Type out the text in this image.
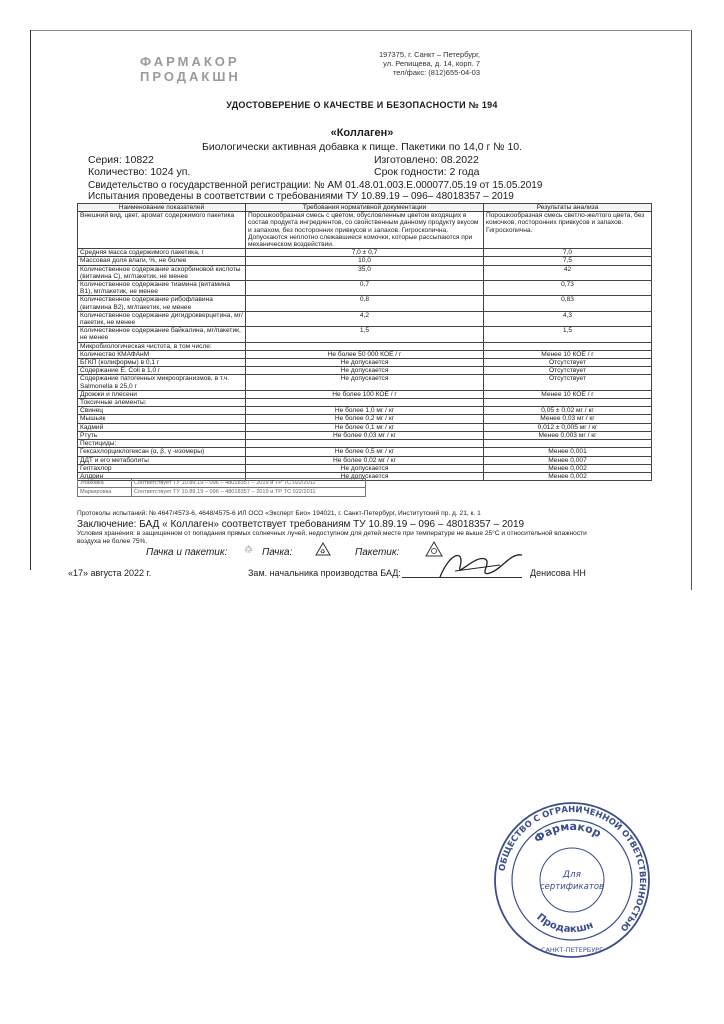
ФАРМАКОР
ПРОДАКШН
197375, г. Санкт – Петербург,
ул. Репищева, д. 14, корп. 7
тел/факс: (812)655-04-03
УДОСТОВЕРЕНИЕ О КАЧЕСТВЕ И БЕЗОПАСНОСТИ № 194
«Коллаген»
Биологически активная добавка к пище. Пакетики по 14,0 г № 10.
Серия: 10822
Количество: 1024 уп.
Изготовлено: 08.2022
Срок годности: 2 года
Свидетельство о государственной регистрации: № AM 01.48.01.003.E.000077.05.19 от 15.05.2019
Испытания проведены в соответствии с требованиями ТУ 10.89.19 – 096– 48018357 – 2019
Наименование показателей	Требования нормативной документации	Результаты анализа
Внешний вид, цвет, аромат содержимого пакетика	Порошкообразная смесь с цветом, обусловленным цветом входящих в состав продукта ингредиентов, со свойственным данному продукту вкусом и запахом, без посторонних привкусов и запахов. Гигроскопична. Допускаются неплотно слежавшиеся комочки, которые рассыпаются при механическом воздействии.	Порошкообразная смесь светло-желтого цвета, без комочков, посторонних привкусов и запахов. Гигроскопична.
Средняя масса содержимого пакетика, г	7,0 ± 0,7	7,0
Массовая доля влаги, %, не более	10,0	7,5
Количественное содержание аскорбиновой кислоты (витамина С), мг/пакетик, не менее	35,0	42
Количественное содержание тиамина (витамина В1), мг/пакетик, не менее	0,7	0,73
Количественное содержание рибофлавина (витамина В2), мг/пакетик, не менее	0,8	0,83
Количественное содержание дигидрокверцетина, мг/пакетик, не менее	4,2	4,3
Количественное содержание байкалина, мг/пакетик, не менее	1,5	1,5
Микробиологическая чистота, в том числе:		
Количество КМАФАнМ	Не более 50 000 КОЕ / г	Менее 10 КОЕ / г
БГКП (колиформы) в 0,1 г	Не допускается	Отсутствует
Содержание E. Coli в 1,0 г	Не допускается	Отсутствует
Содержание патогенных микроорганизмов, в т.ч. Salmonella в 25,0 г	Не допускается	Отсутствует
Дрожжи и плесени	Не более 100 КОЕ / г	Менее 10 КОЕ / г
Токсичные элементы:		
Свинец	Не более 1,0 мг / кг	0,05 ± 0,02 мг / кг
Мышьяк	Не более 0,2 мг / кг	Менее 0,03 мг / кг
Кадмий	Не более 0,1 мг / кг	0,012 ± 0,005 мг / кг
Ртуть	Не более 0,03 мг / кг	Менее 0,003 мг / кг
Пестициды:		
Гексахлорциклогексан (α, β, γ -изомеры)	Не более 0,5 мг / кг	Менее 0,001
ДДТ и его метаболиты	Не более 0,02 мг / кг	Менее 0,007
Гептахлор	Не допускается	Менее 0,002
Алдрин	Не допускается	Менее 0,002
Упаковка	Соответствует ТУ 10.89.19 – 096 – 48018357 – 2019 и ТР ТС 022/2011
Маркировка	Соответствует ТУ 10.89.19 – 096 – 48018357 – 2019 и ТР ТС 022/2011
Протоколы испытаний: № 4647/4573-6, 4648/4575-6 ИЛ ОСО «Эксперт Био» 194021, г. Санкт-Петербург, Институтский пр. д. 21, к. 1
Заключение: БАД « Коллаген» соответствует требованиям ТУ 10.89.19 – 096 – 48018357 – 2019
Условия хранения: в защищенном от попадания прямых солнечных лучей, недоступном для детей месте при температуре не выше 25°С и относительной влажности воздуха не более 75%.
Пачка и пакетик: ♲ Пачка:	♻	Пакетик:
«17» августа 2022 г.	Зам. начальника производства БАД:	Денисова НН
ОБЩЕСТВО С ОГРАНИЧЕННОЙ ОТВЕТСТВЕННОСТЬЮ
Фармакор
Продакшн
САНКТ-ПЕТЕРБУРГ
Для
сертификатов
